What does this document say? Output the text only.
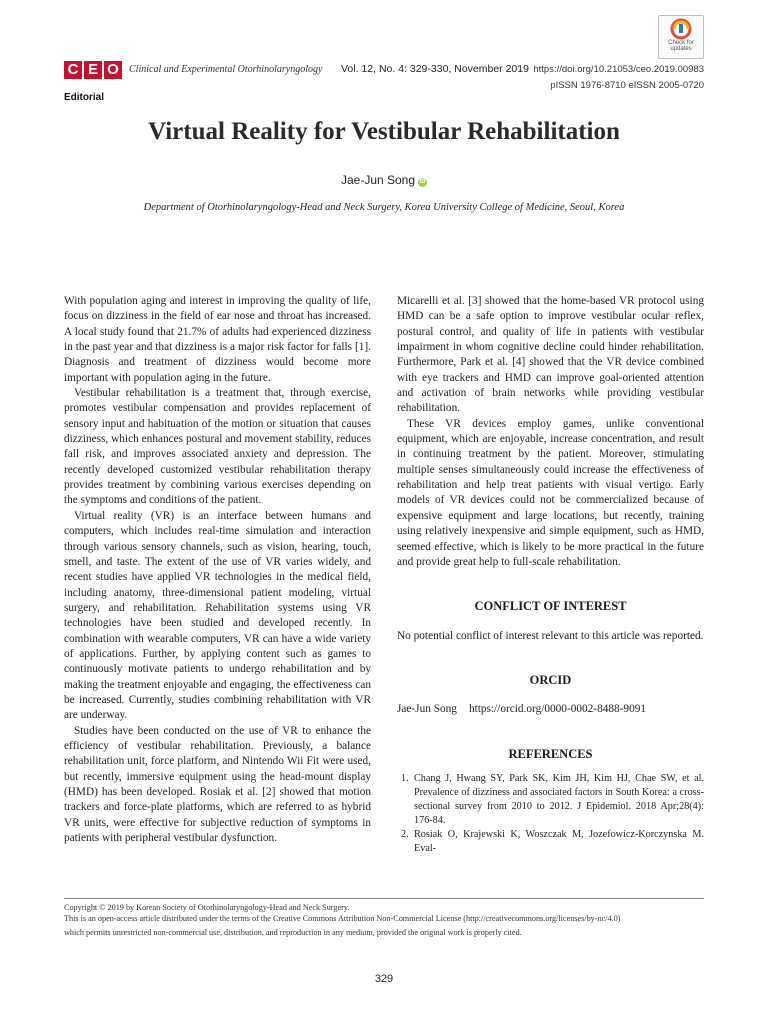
Check for
updates
C E O	Clinical and Experimental Otorhinolaryngology Vol. 12, No. 4: 329-330, November 2019 https://doi.org/10.21053/ceo.2019.00983
pISSN 1976-8710 eISSN 2005-0720
Editorial
Virtual Reality for Vestibular Rehabilitation
Jae-Jun Song iD
Department of Otorhinolaryngology-Head and Neck Surgery, Korea University College of Medicine, Seoul, Korea

With population aging and interest in improving the quality of life, focus on dizziness in the field of ear nose and throat has increased. A local study found that 21.7% of adults had experienced dizziness in the past year and that dizziness is a major risk factor for falls [1]. Diagnosis and treatment of dizziness would become more important with population aging in the future.

Vestibular rehabilitation is a treatment that, through exercise, promotes vestibular compensation and provides replacement of sensory input and habituation of the motion or situation that causes dizziness, which enhances postural and movement stability, reduces fall risk, and improves associated anxiety and depression. The recently developed customized vestibular rehabilitation therapy provides treatment by combining various exercises depending on the symptoms and conditions of the patient.

Virtual reality (VR) is an interface between humans and computers, which includes real-time simulation and interaction through various sensory channels, such as vision, hearing, touch, smell, and taste. The extent of the use of VR varies widely, and recent studies have applied VR technologies in the medical field, including anatomy, three-dimensional patient modeling, virtual surgery, and rehabilitation. Rehabilitation systems using VR technologies have been studied and developed recently. In combination with wearable computers, VR can have a wide variety of applications. Further, by applying content such as games to continuously motivate patients to undergo rehabilitation and by making the treatment enjoyable and engaging, the effectiveness can be increased. Currently, studies combining rehabilitation with VR are underway.

Studies have been conducted on the use of VR to enhance the efficiency of vestibular rehabilitation. Previously, a balance rehabilitation unit, force platform, and Nintendo Wii Fit were used, but recently, immersive equipment using the head-mount display (HMD) has been developed. Rosiak et al. [2] showed that motion trackers and force-plate platforms, which are referred to as hybrid VR units, were effective for subjective reduction of symptoms in patients with peripheral vestibular dysfunction.

Micarelli et al. [3] showed that the home-based VR protocol using HMD can be a safe option to improve vestibular ocular reflex, postural control, and quality of life in patients with vestibular impairment in whom cognitive decline could hinder rehabilitation. Furthermore, Park et al. [4] showed that the VR device combined with eye trackers and HMD can improve goal-oriented attention and activation of brain networks while providing vestibular rehabilitation.

These VR devices employ games, unlike conventional equipment, which are enjoyable, increase concentration, and result in continuing treatment by the patient. Moreover, stimulating multiple senses simultaneously could increase the effectiveness of rehabilitation and help treat patients with visual vertigo. Early models of VR devices could not be commercialized because of expensive equipment and large locations, but recently, training using relatively inexpensive and simple equipment, such as HMD, seemed effective, which is likely to be more practical in the future and provide great help to full-scale rehabilitation.

CONFLICT OF INTEREST

No potential conflict of interest relevant to this article was reported.

ORCID
Jae-Jun Song https://orcid.org/0000-0002-8488-9091
REFERENCES
1. Chang J, Hwang SY, Park SK, Kim JH, Kim HJ, Chae SW, et al. Prevalence of dizziness and associated factors in South Korea: a cross-sectional survey from 2010 to 2012. J Epidemiol. 2018 Apr;28(4): 176-84.
2. Rosiak O, Krajewski K, Woszczak M, Jozefowicz-Korczynska M. Eval-
Copyright © 2019 by Korean Society of Otorhinolaryngology-Head and Neck Surgery.
This is an open-access article distributed under the terms of the Creative Commons Attribution Non-Commercial License (http://creativecommons.org/licenses/by-nc/4.0)
which permits unrestricted non-commercial use, distribution, and reproduction in any medium, provided the original work is properly cited.
329
